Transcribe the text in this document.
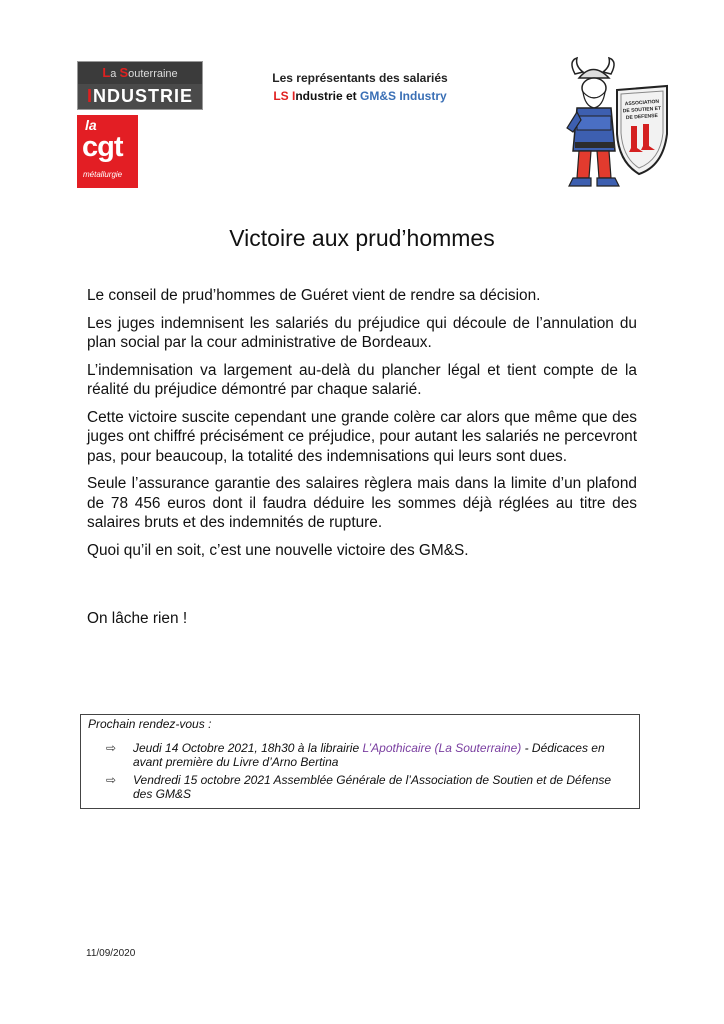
La Souterraine
INDUSTRIE
la
cgt
métallurgie
Les représentants des salariés
LS Industrie et GM&S Industry
ASSOCIATION
DE SOUTIEN ET
DE DEFENSE
Victoire aux prud’hommes

Le conseil de prud’hommes de Guéret vient de rendre sa décision.

Les juges indemnisent les salariés du préjudice qui découle de l’annulation du plan social par la cour administrative de Bordeaux.

L’indemnisation va largement au-delà du plancher légal et tient compte de la réalité du préjudice démontré par chaque salarié.

Cette victoire suscite cependant une grande colère car alors que même que des juges ont chiffré précisément ce préjudice, pour autant les salariés ne percevront pas, pour beaucoup, la totalité des indemnisations qui leurs sont dues.

Seule l’assurance garantie des salaires règlera mais dans la limite d’un plafond de 78 456 euros dont il faudra déduire les sommes déjà réglées au titre des salaires bruts et des indemnités de rupture.

Quoi qu’il en soit, c’est une nouvelle victoire des GM&S.

On lâche rien !
Prochain rendez-vous :
⇨	Jeudi 14 Octobre 2021, 18h30 à la librairie L’Apothicaire (La Souterraine) - Dédicaces en avant première du Livre d’Arno Bertina
⇨	Vendredi 15 octobre 2021 Assemblée Générale de l’Association de Soutien et de Défense des GM&S
11/09/2020
